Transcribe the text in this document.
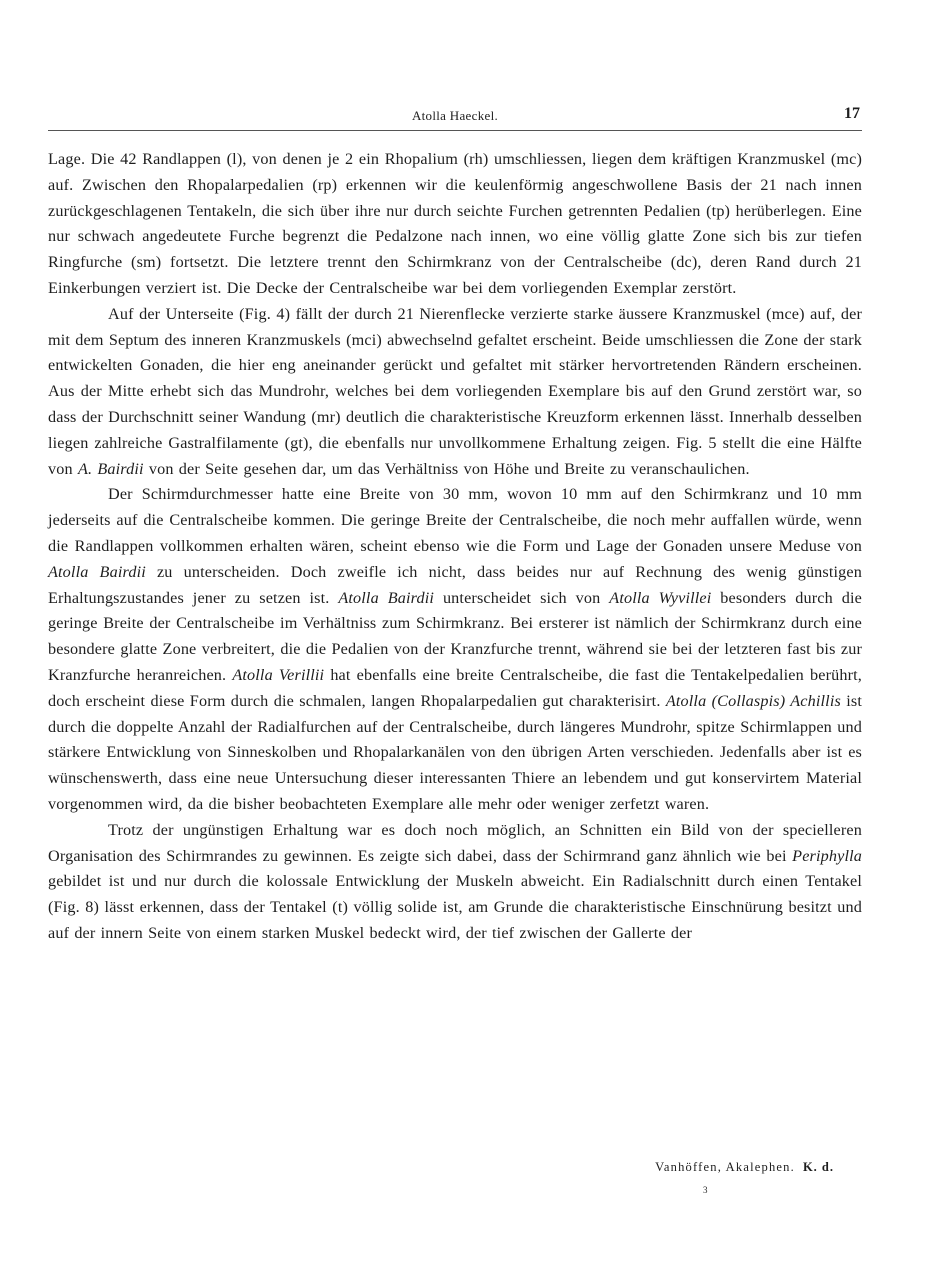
Atolla Haeckel.	17

Lage. Die 42 Randlappen (l), von denen je 2 ein Rhopalium (rh) umschliessen, liegen dem kräftigen Kranzmuskel (mc) auf. Zwischen den Rhopalarpedalien (rp) erkennen wir die keulenförmig angeschwollene Basis der 21 nach innen zurückgeschlagenen Tentakeln, die sich über ihre nur durch seichte Furchen getrennten Pedalien (tp) herüberlegen. Eine nur schwach angedeutete Furche begrenzt die Pedalzone nach innen, wo eine völlig glatte Zone sich bis zur tiefen Ringfurche (sm) fortsetzt. Die letztere trennt den Schirmkranz von der Centralscheibe (dc), deren Rand durch 21 Einkerbungen verziert ist. Die Decke der Centralscheibe war bei dem vorliegenden Exemplar zerstört.

Auf der Unterseite (Fig. 4) fällt der durch 21 Nierenflecke verzierte starke äussere Kranzmuskel (mce) auf, der mit dem Septum des inneren Kranzmuskels (mci) abwechselnd gefaltet erscheint. Beide umschliessen die Zone der stark entwickelten Gonaden, die hier eng aneinander gerückt und gefaltet mit stärker hervortretenden Rändern erscheinen. Aus der Mitte erhebt sich das Mundrohr, welches bei dem vorliegenden Exemplare bis auf den Grund zerstört war, so dass der Durchschnitt seiner Wandung (mr) deutlich die charakteristische Kreuzform erkennen lässt. Innerhalb desselben liegen zahlreiche Gastralfilamente (gt), die ebenfalls nur unvollkommene Erhaltung zeigen. Fig. 5 stellt die eine Hälfte von A. Bairdii von der Seite gesehen dar, um das Verhältniss von Höhe und Breite zu veranschaulichen.

Der Schirmdurchmesser hatte eine Breite von 30 mm, wovon 10 mm auf den Schirmkranz und 10 mm jederseits auf die Centralscheibe kommen. Die geringe Breite der Centralscheibe, die noch mehr auffallen würde, wenn die Randlappen vollkommen erhalten wären, scheint ebenso wie die Form und Lage der Gonaden unsere Meduse von Atolla Bairdii zu unterscheiden. Doch zweifle ich nicht, dass beides nur auf Rechnung des wenig günstigen Erhaltungszustandes jener zu setzen ist. Atolla Bairdii unterscheidet sich von Atolla Wyvillei besonders durch die geringe Breite der Centralscheibe im Verhältniss zum Schirmkranz. Bei ersterer ist nämlich der Schirmkranz durch eine besondere glatte Zone verbreitert, die die Pedalien von der Kranzfurche trennt, während sie bei der letzteren fast bis zur Kranzfurche heranreichen. Atolla Verillii hat ebenfalls eine breite Centralscheibe, die fast die Tentakelpedalien berührt, doch erscheint diese Form durch die schmalen, langen Rhopalarpedalien gut charakterisirt. Atolla (Collaspis) Achillis ist durch die doppelte Anzahl der Radialfurchen auf der Centralscheibe, durch längeres Mundrohr, spitze Schirmlappen und stärkere Entwicklung von Sinneskolben und Rhopalarkanälen von den übrigen Arten verschieden. Jedenfalls aber ist es wünschenswerth, dass eine neue Untersuchung dieser interessanten Thiere an lebendem und gut konservirtem Material vorgenommen wird, da die bisher beobachteten Exemplare alle mehr oder weniger zerfetzt waren.

Trotz der ungünstigen Erhaltung war es doch noch möglich, an Schnitten ein Bild von der specielleren Organisation des Schirmrandes zu gewinnen. Es zeigte sich dabei, dass der Schirmrand ganz ähnlich wie bei Periphylla gebildet ist und nur durch die kolossale Entwicklung der Muskeln abweicht. Ein Radialschnitt durch einen Tentakel (Fig. 8) lässt erkennen, dass der Tentakel (t) völlig solide ist, am Grunde die charakteristische Einschnürung besitzt und auf der innern Seite von einem starken Muskel bedeckt wird, der tief zwischen der Gallerte der

Vanhöffen, Akalephen. K. d.
3
